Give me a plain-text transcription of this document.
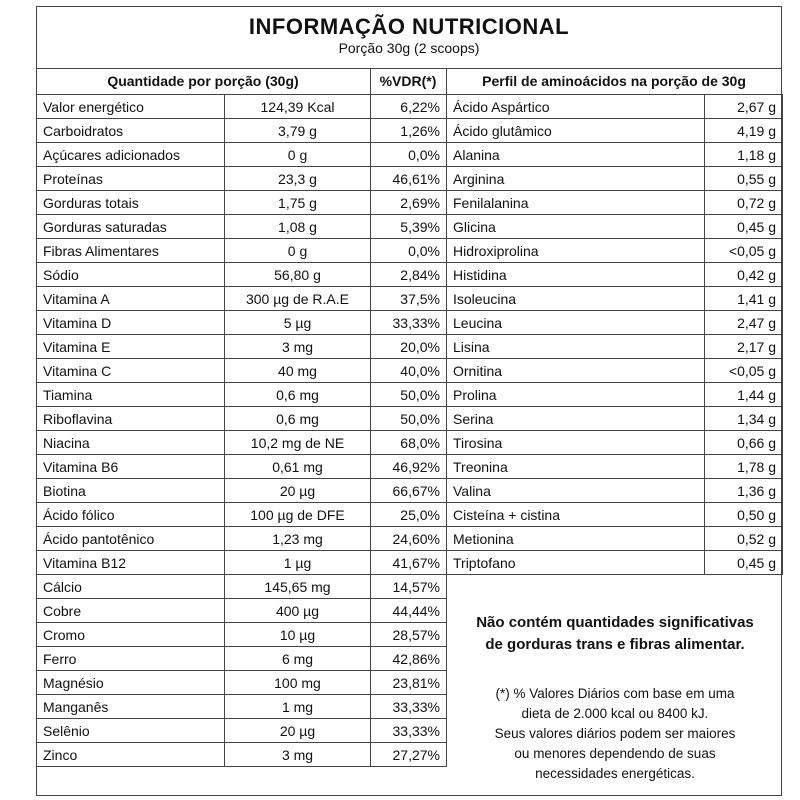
INFORMAÇÃO NUTRICIONAL
Porção 30g (2 scoops)
Quantidade por porção (30g)	%VDR(*)	Perfil de aminoácidos na porção de 30g
Valor energético	124,39 Kcal	6,22%
Carboidratos	3,79 g	1,26%
Açúcares adicionados	0 g	0,0%
Proteínas	23,3 g	46,61%
Gorduras totais	1,75 g	2,69%
Gorduras saturadas	1,08 g	5,39%
Fibras Alimentares	0 g	0,0%
Sódio	56,80 g	2,84%
Vitamina A	300 µg de R.A.E	37,5%
Vitamina D	5 µg	33,33%
Vitamina E	3 mg	20,0%
Vitamina C	40 mg	40,0%
Tiamina	0,6 mg	50,0%
Riboflavina	0,6 mg	50,0%
Niacina	10,2 mg de NE	68,0%
Vitamina B6	0,61 mg	46,92%
Biotina	20 µg	66,67%
Ácido fólico	100 µg de DFE	25,0%
Ácido pantotênico	1,23 mg	24,60%
Vitamina B12	1 µg	41,67%
Cálcio	145,65 mg	14,57%
Cobre	400 µg	44,44%
Cromo	10 µg	28,57%
Ferro	6 mg	42,86%
Magnésio	100 mg	23,81%
Manganês	1 mg	33,33%
Selênio	20 µg	33,33%
Zinco	3 mg	27,27%
Ácido Aspártico	2,67 g
Ácido glutâmico	4,19 g
Alanina	1,18 g
Arginina	0,55 g
Fenilalanina	0,72 g
Glicina	0,45 g
Hidroxiprolina	<0,05 g
Histidina	0,42 g
Isoleucina	1,41 g
Leucina	2,47 g
Lisina	2,17 g
Ornitina	<0,05 g
Prolina	1,44 g
Serina	1,34 g
Tirosina	0,66 g
Treonina	1,78 g
Valina	1,36 g
Cisteína + cistina	0,50 g
Metionina	0,52 g
Triptofano	0,45 g
Não contém quantidades significativas
de gorduras trans e fibras alimentar.
(*) % Valores Diários com base em uma
dieta de 2.000 kcal ou 8400 kJ.
Seus valores diários podem ser maiores
ou menores dependendo de suas
necessidades energéticas.
